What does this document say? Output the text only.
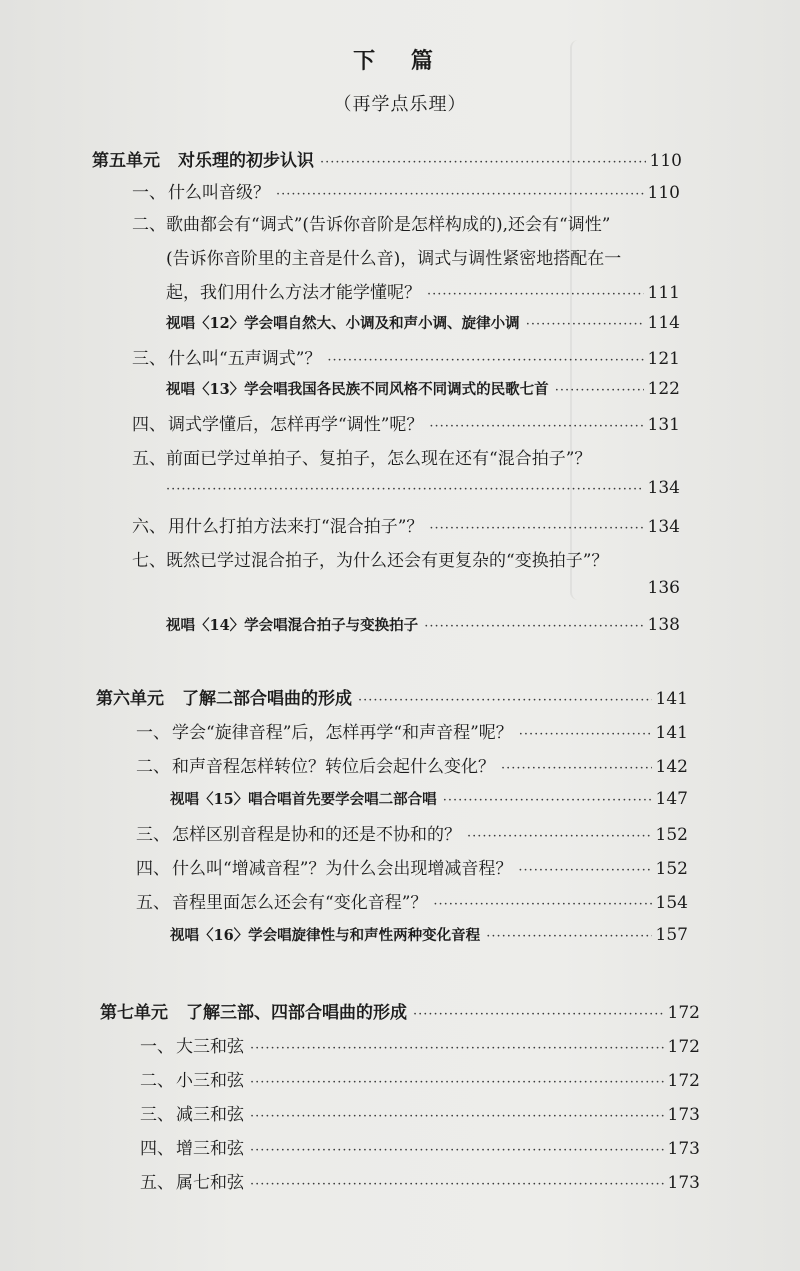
下 篇
（再学点乐理）
第五单元 对乐理的初步认识 ·····	110
一、 什么叫音级？ ·····	110
二、歌曲都会有“调式”(告诉你音阶是怎样构成的),还会有“调性”
(告诉你音阶里的主音是什么音)，调式与调性紧密地搭配在一
起，我们用什么方法才能学懂呢？ ·····	111
视唱〈12〉学会唱自然大、小调及和声小调、旋律小调 ·····	114
三、 什么叫“五声调式”？ ·····	121
视唱〈13〉学会唱我国各民族不同风格不同调式的民歌七首 ·····	122
四、 调式学懂后，怎样再学“调性”呢？ ·····	131
五、前面已学过单拍子、复拍子，怎么现在还有“混合拍子”？
·····
134
六、 用什么打拍方法来打“混合拍子”？ ·····	134
七、既然已学过混合拍子，为什么还会有更复杂的“变换拍子”？
136
视唱〈14〉学会唱混合拍子与变换拍子 ·····	138
第六单元 了解二部合唱曲的形成 ·····	141
一、 学会“旋律音程”后，怎样再学“和声音程”呢？ ·····	141
二、 和声音程怎样转位？转位后会起什么变化？ ·····	142
视唱〈15〉唱合唱首先要学会唱二部合唱 ·····	147
三、 怎样区别音程是协和的还是不协和的？ ·····	152
四、 什么叫“增减音程”？为什么会出现增减音程？ ·····	152
五、 音程里面怎么还会有“变化音程”？ ·····	154
视唱〈16〉学会唱旋律性与和声性两种变化音程 ·····	157
第七单元 了解三部、四部合唱曲的形成 ·····	172
一、 大三和弦 ·····	172
二、 小三和弦 ·····	172
三、 减三和弦 ·····	173
四、 增三和弦 ·····	173
五、 属七和弦 ·····	173
